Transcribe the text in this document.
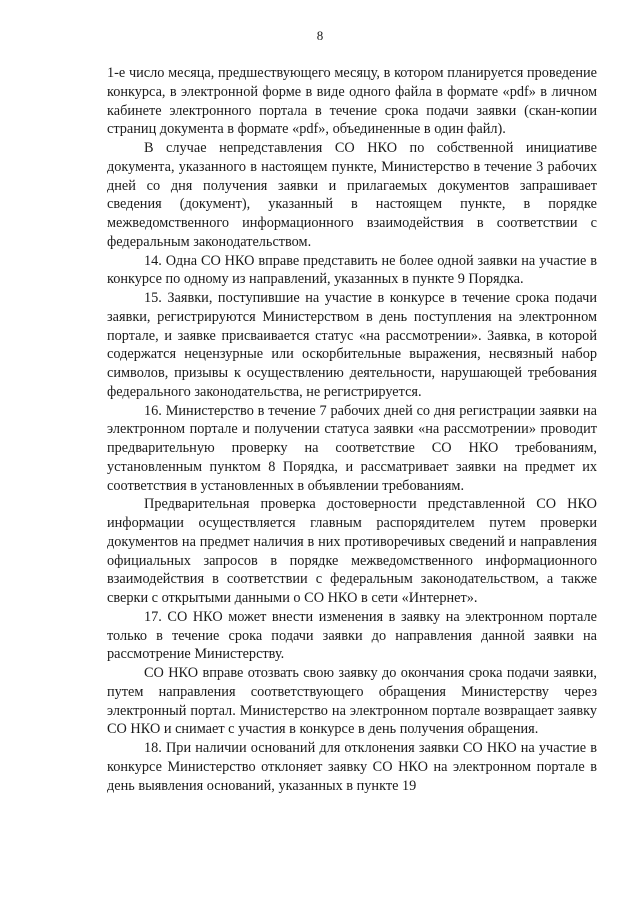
8

1-е число месяца, предшествующего месяцу, в котором планируется проведение конкурса, в электронной форме в виде одного файла в формате «pdf» в личном кабинете электронного портала в течение срока подачи заявки (скан-копии страниц документа в формате «pdf», объединенные в один файл).

В случае непредставления СО НКО по собственной инициативе документа, указанного в настоящем пункте, Министерство в течение 3 рабочих дней со дня получения заявки и прилагаемых документов запрашивает сведения (документ), указанный в настоящем пункте, в порядке межведомственного информационного взаимодействия в соответствии с федеральным законодательством.

14. Одна СО НКО вправе представить не более одной заявки на участие в конкурсе по одному из направлений, указанных в пункте 9 Порядка.

15. Заявки, поступившие на участие в конкурсе в течение срока подачи заявки, регистрируются Министерством в день поступления на электронном портале, и заявке присваивается статус «на рассмотрении». Заявка, в которой содержатся нецензурные или оскорбительные выражения, несвязный набор символов, призывы к осуществлению деятельности, нарушающей требования федерального законодательства, не регистрируется.

16. Министерство в течение 7 рабочих дней со дня регистрации заявки на электронном портале и получении статуса заявки «на рассмотрении» проводит предварительную проверку на соответствие СО НКО требованиям, установленным пунктом 8 Порядка, и рассматривает заявки на предмет их соответствия в установленных в объявлении требованиям.

Предварительная проверка достоверности представленной СО НКО информации осуществляется главным распорядителем путем проверки документов на предмет наличия в них противоречивых сведений и направления официальных запросов в порядке межведомственного информационного взаимодействия в соответствии с федеральным законодательством, а также сверки с открытыми данными о СО НКО в сети «Интернет».

17. СО НКО может внести изменения в заявку на электронном портале только в течение срока подачи заявки до направления данной заявки на рассмотрение Министерству.

СО НКО вправе отозвать свою заявку до окончания срока подачи заявки, путем направления соответствующего обращения Министерству через электронный портал. Министерство на электронном портале возвращает заявку СО НКО и снимает с участия в конкурсе в день получения обращения.

18. При наличии оснований для отклонения заявки СО НКО на участие в конкурсе Министерство отклоняет заявку СО НКО на электронном портале в день выявления оснований, указанных в пункте 19
